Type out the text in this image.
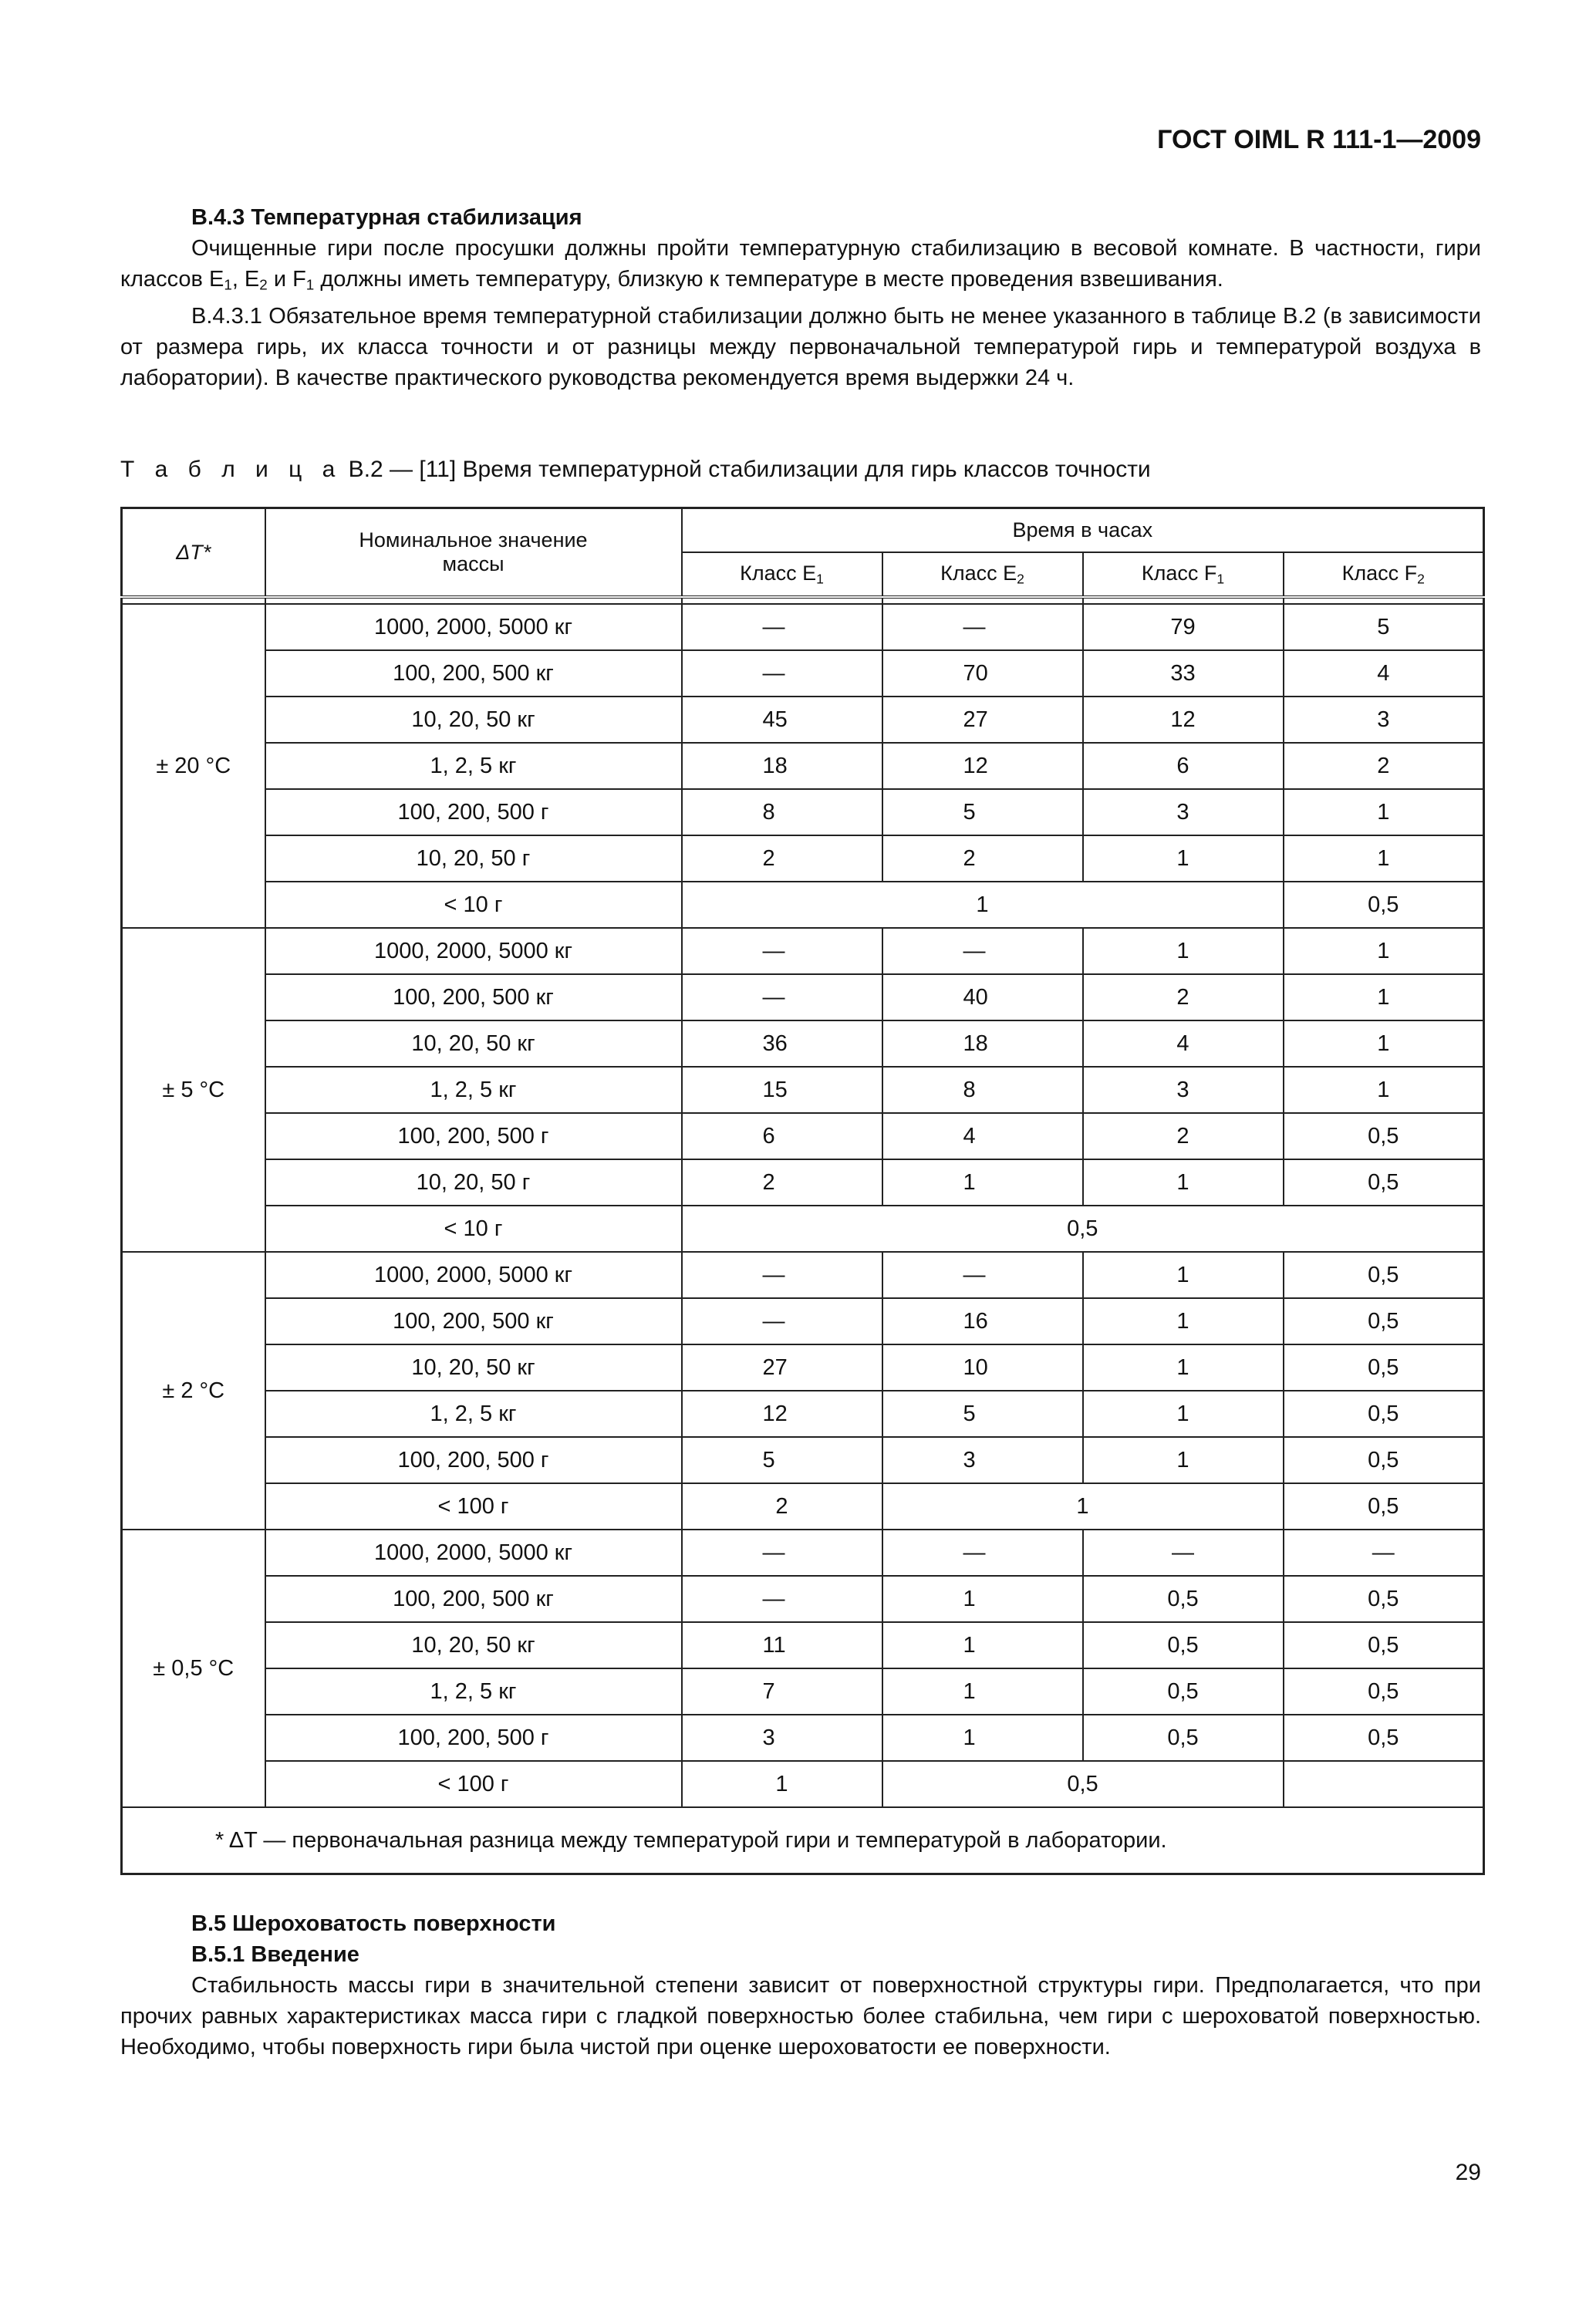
ГОСТ OIML R 111-1—2009
B.4.3 Температурная стабилизация

Очищенные гири после просушки должны пройти температурную стабилизацию в весовой комнате. В частности, гири классов $E_1$, $E_2$ и $F_1$ должны иметь температуру, близкую к температуре в месте проведения взвешивания.

B.4.3.1 Обязательное время температурной стабилизации должно быть не менее указанного в таблице B.2 (в зависимости от размера гирь, их класса точности и от разницы между первоначальной температурой гирь и температурой воздуха в лаборатории). В качестве практического руководства рекомендуется время выдержки 24 ч.

Т а б л и ц а B.2 — [11] Время температурной стабилизации для гирь классов точности
ΔT*	Номинальное значение массы	Время в часах			
		Класс $E_1$	Класс $E_2$	Класс $F_1$	Класс $F_2$

± 20 °C	1000, 2000, 5000 кг	—	—	79	5
	100, 200, 500 кг	—	70	33	4
	10, 20, 50 кг	45	27	12	3
	1, 2, 5 кг	18	12	6	2
	100, 200, 500 г	8	5	3	1
	10, 20, 50 г	2	2	1	1
	< 10 г	1			0,5
± 5 °C	1000, 2000, 5000 кг	—	—	1	1
	100, 200, 500 кг	—	40	2	1
	10, 20, 50 кг	36	18	4	1
	1, 2, 5 кг	15	8	3	1
	100, 200, 500 г	6	4	2	0,5
	10, 20, 50 г	2	1	1	0,5
	< 10 г	0,5			
± 2 °C	1000, 2000, 5000 кг	—	—	1	0,5
	100, 200, 500 кг	—	16	1	0,5
	10, 20, 50 кг	27	10	1	0,5
	1, 2, 5 кг	12	5	1	0,5
	100, 200, 500 г	5	3	1	0,5
	< 100 г	2	1		0,5
± 0,5 °C	1000, 2000, 5000 кг	—	—	—	—
	100, 200, 500 кг	—	1	0,5	0,5
	10, 20, 50 кг	11	1	0,5	0,5
	1, 2, 5 кг	7	1	0,5	0,5
	100, 200, 500 г	3	1	0,5	0,5
	< 100 г	1	0,5		
* ΔT — первоначальная разница между температурой гири и температурой в лаборатории.					
B.5 Шероховатость поверхности
B.5.1 Введение

Стабильность массы гири в значительной степени зависит от поверхностной структуры гири. Предполагается, что при прочих равных характеристиках масса гири с гладкой поверхностью более стабильна, чем гири с шероховатой поверхностью. Необходимо, чтобы поверхность гири была чистой при оценке шероховатости ее поверхности.

29
